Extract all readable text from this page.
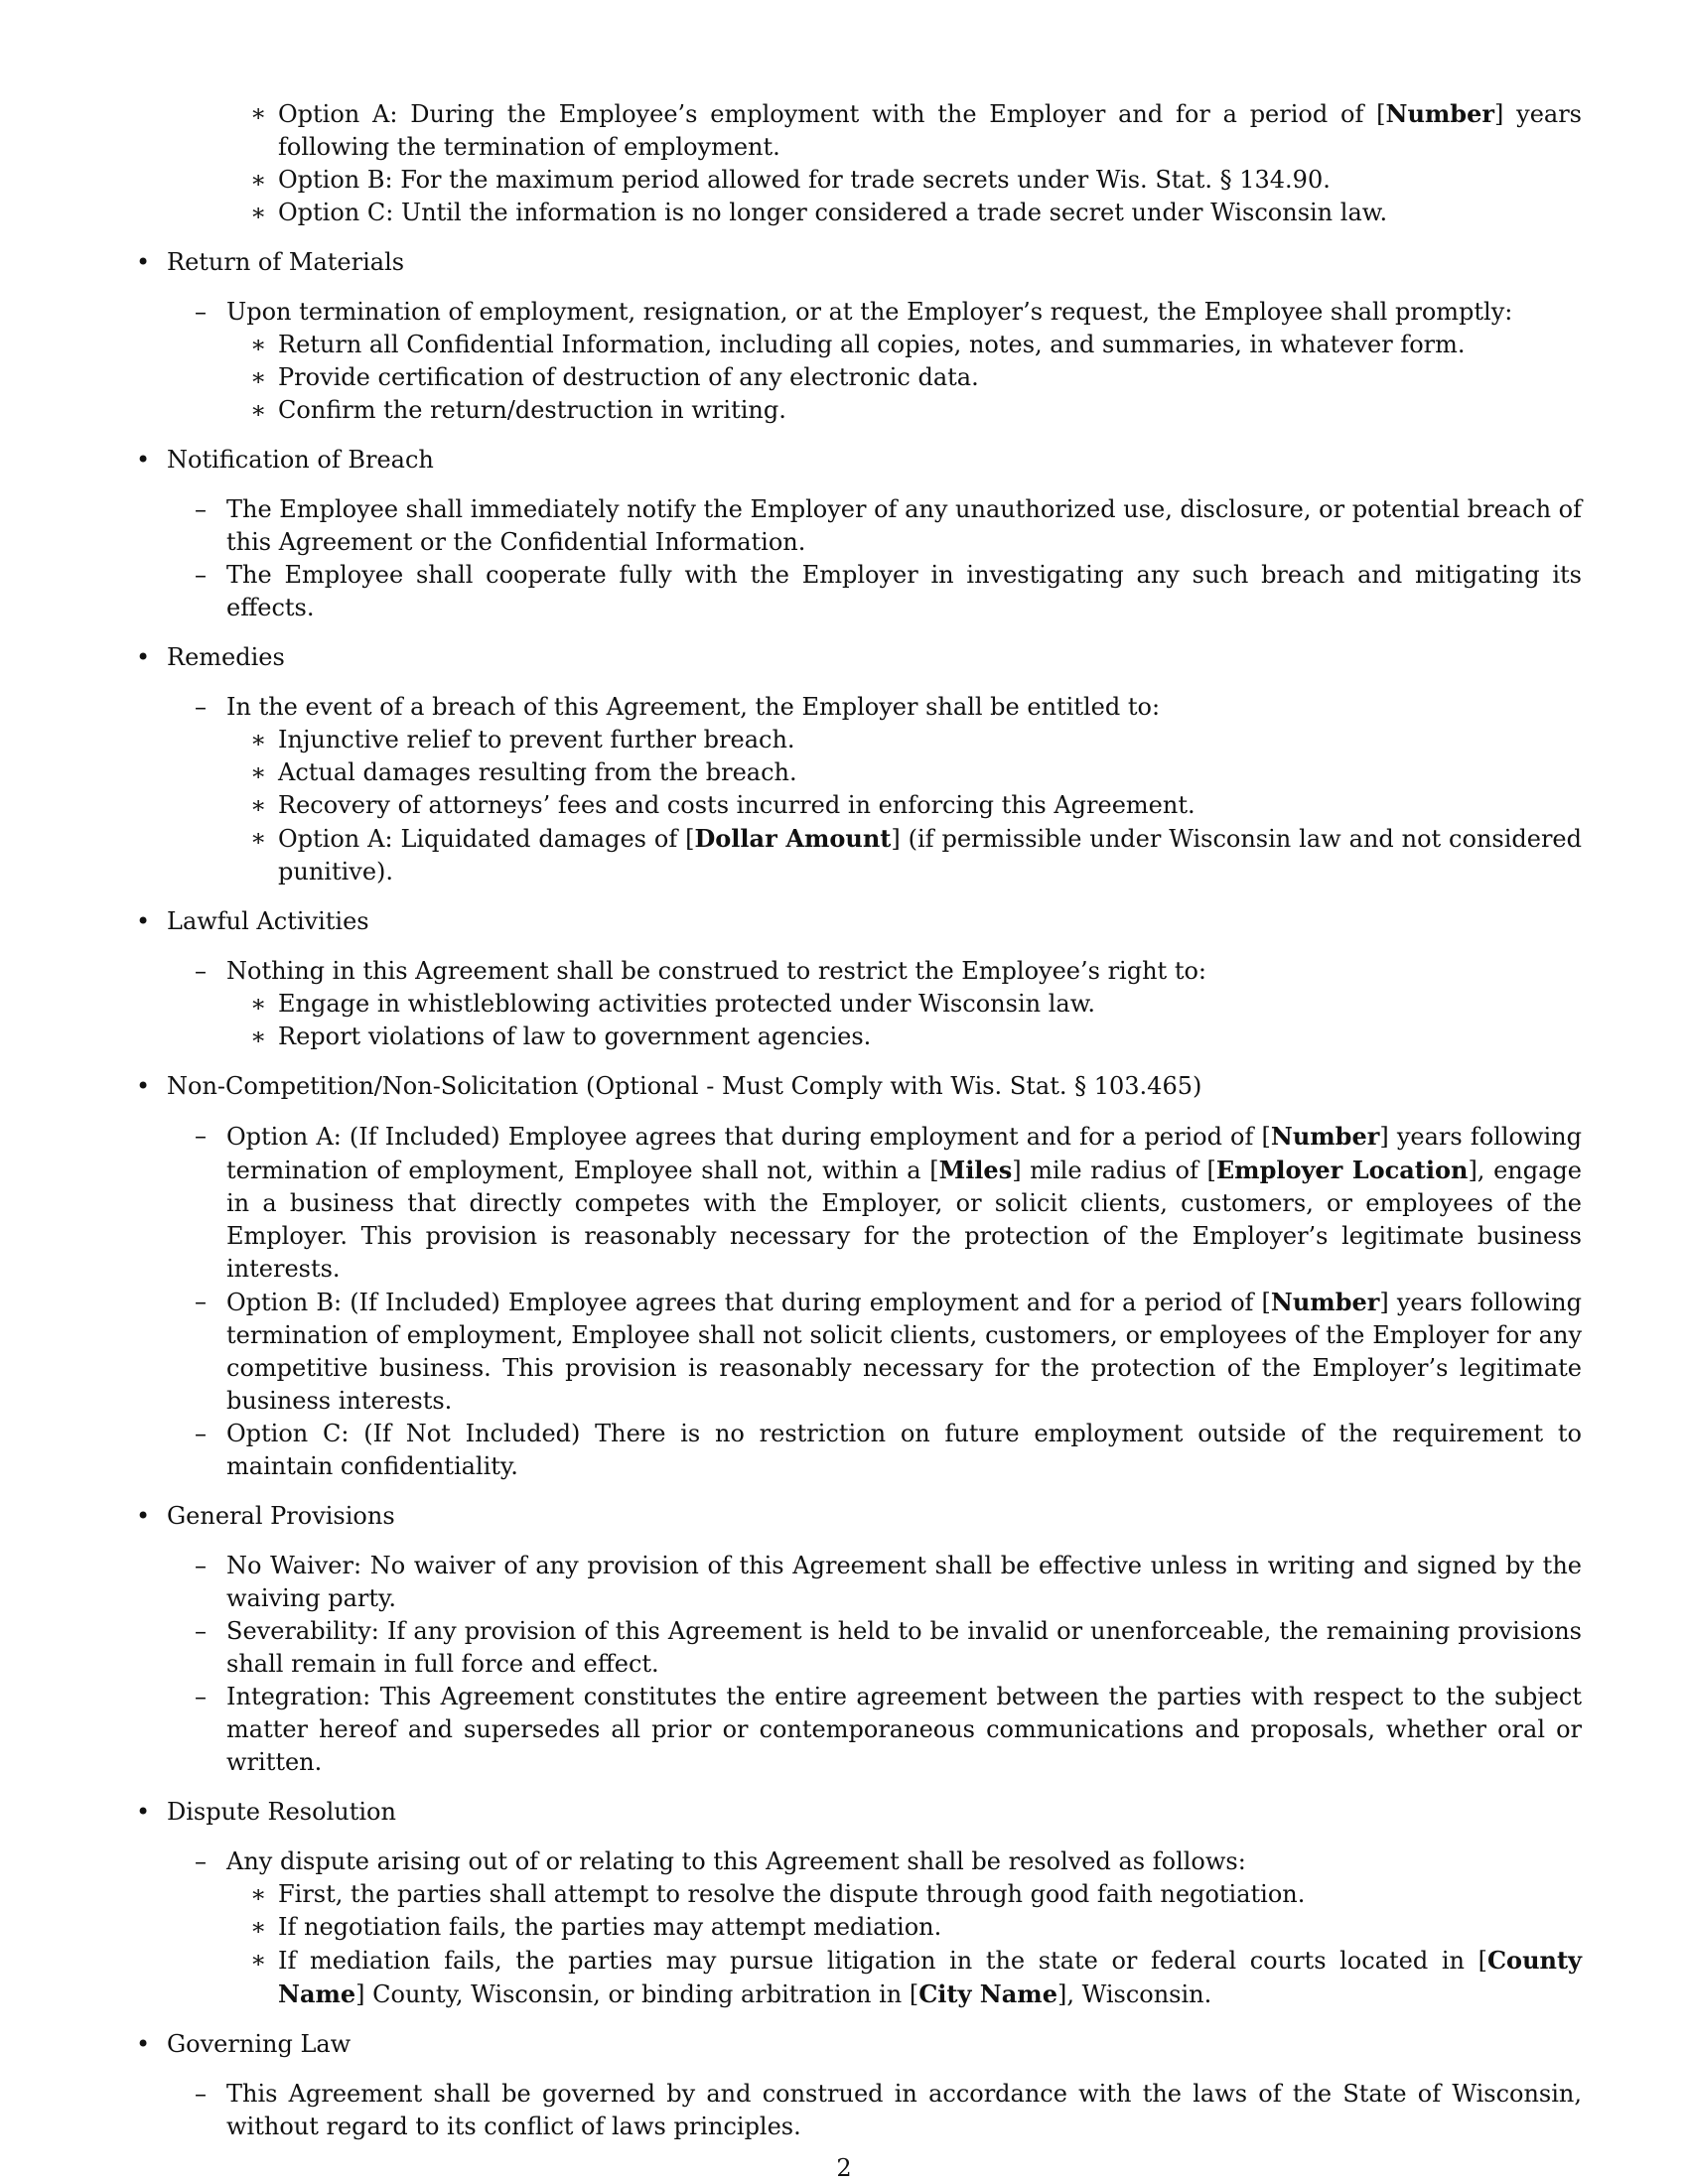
∗ Option A: During the Employee’s employment with the Employer and for a period of [Number] years following the termination of employment.
∗ Option B: For the maximum period allowed for trade secrets under Wis. Stat. § 134.90.
∗ Option C: Until the information is no longer considered a trade secret under Wisconsin law.
• Return of Materials
– Upon termination of employment, resignation, or at the Employer’s request, the Employee shall promptly:
∗ Return all Confidential Information, including all copies, notes, and summaries, in whatever form.
∗ Provide certification of destruction of any electronic data.
∗ Confirm the return/destruction in writing.
• Notification of Breach
– The Employee shall immediately notify the Employer of any unauthorized use, disclosure, or potential breach of this Agreement or the Confidential Information.
– The Employee shall cooperate fully with the Employer in investigating any such breach and mitigating its effects.
• Remedies
– In the event of a breach of this Agreement, the Employer shall be entitled to:
∗ Injunctive relief to prevent further breach.
∗ Actual damages resulting from the breach.
∗ Recovery of attorneys’ fees and costs incurred in enforcing this Agreement.
∗ Option A: Liquidated damages of [Dollar Amount] (if permissible under Wisconsin law and not considered punitive).
• Lawful Activities
– Nothing in this Agreement shall be construed to restrict the Employee’s right to:
∗ Engage in whistleblowing activities protected under Wisconsin law.
∗ Report violations of law to government agencies.
• Non-Competition/Non-Solicitation (Optional - Must Comply with Wis. Stat. § 103.465)
– Option A: (If Included) Employee agrees that during employment and for a period of [Number] years following termination of employment, Employee shall not, within a [Miles] mile radius of [Employer Location], engage in a business that directly competes with the Employer, or solicit clients, customers, or employees of the Employer. This provision is reasonably necessary for the protection of the Employer’s legitimate business interests.
– Option B: (If Included) Employee agrees that during employment and for a period of [Number] years following termination of employment, Employee shall not solicit clients, customers, or employees of the Employer for any competitive business. This provision is reasonably necessary for the protection of the Employer’s legitimate business interests.
– Option C: (If Not Included) There is no restriction on future employment outside of the requirement to maintain confidentiality.
• General Provisions
– No Waiver: No waiver of any provision of this Agreement shall be effective unless in writing and signed by the waiving party.
– Severability: If any provision of this Agreement is held to be invalid or unenforceable, the remaining provisions shall remain in full force and effect.
– Integration: This Agreement constitutes the entire agreement between the parties with respect to the subject matter hereof and supersedes all prior or contemporaneous communications and proposals, whether oral or written.
• Dispute Resolution
– Any dispute arising out of or relating to this Agreement shall be resolved as follows:
∗ First, the parties shall attempt to resolve the dispute through good faith negotiation.
∗ If negotiation fails, the parties may attempt mediation.
∗ If mediation fails, the parties may pursue litigation in the state or federal courts located in [County Name] County, Wisconsin, or binding arbitration in [City Name], Wisconsin.
• Governing Law
– This Agreement shall be governed by and construed in accordance with the laws of the State of Wisconsin, without regard to its conflict of laws principles.
2
